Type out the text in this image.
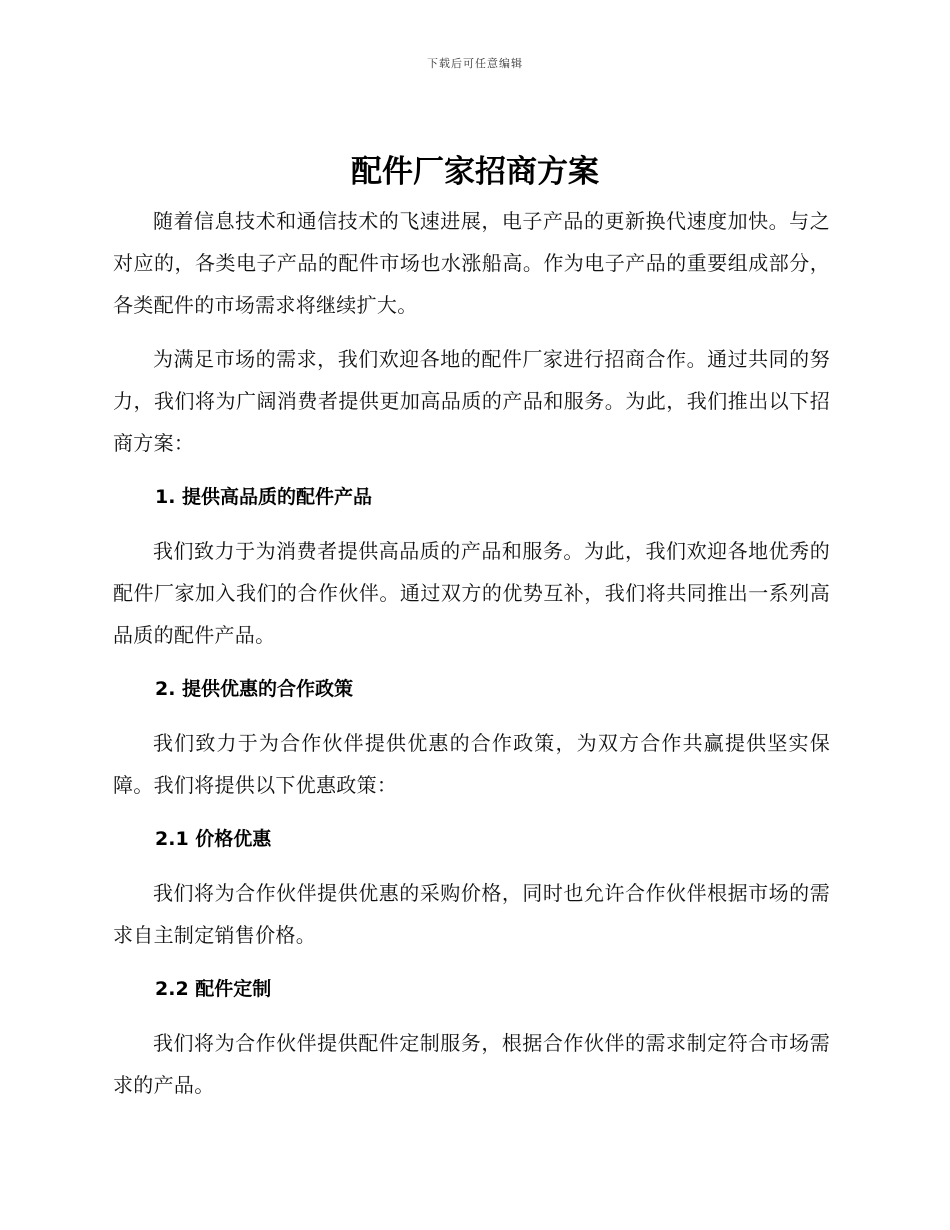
下载后可任意编辑
配件厂家招商方案

随着信息技术和通信技术的飞速进展，电子产品的更新换代速度加快。与之对应的，各类电子产品的配件市场也水涨船高。作为电子产品的重要组成部分，各类配件的市场需求将继续扩大。

为满足市场的需求，我们欢迎各地的配件厂家进行招商合作。通过共同的努力，我们将为广阔消费者提供更加高品质的产品和服务。为此，我们推出以下招商方案：

1. 提供高品质的配件产品

我们致力于为消费者提供高品质的产品和服务。为此，我们欢迎各地优秀的配件厂家加入我们的合作伙伴。通过双方的优势互补，我们将共同推出一系列高品质的配件产品。

2. 提供优惠的合作政策

我们致力于为合作伙伴提供优惠的合作政策，为双方合作共赢提供坚实保障。我们将提供以下优惠政策：

2.1 价格优惠

我们将为合作伙伴提供优惠的采购价格，同时也允许合作伙伴根据市场的需求自主制定销售价格。

2.2 配件定制

我们将为合作伙伴提供配件定制服务，根据合作伙伴的需求制定符合市场需求的产品。
